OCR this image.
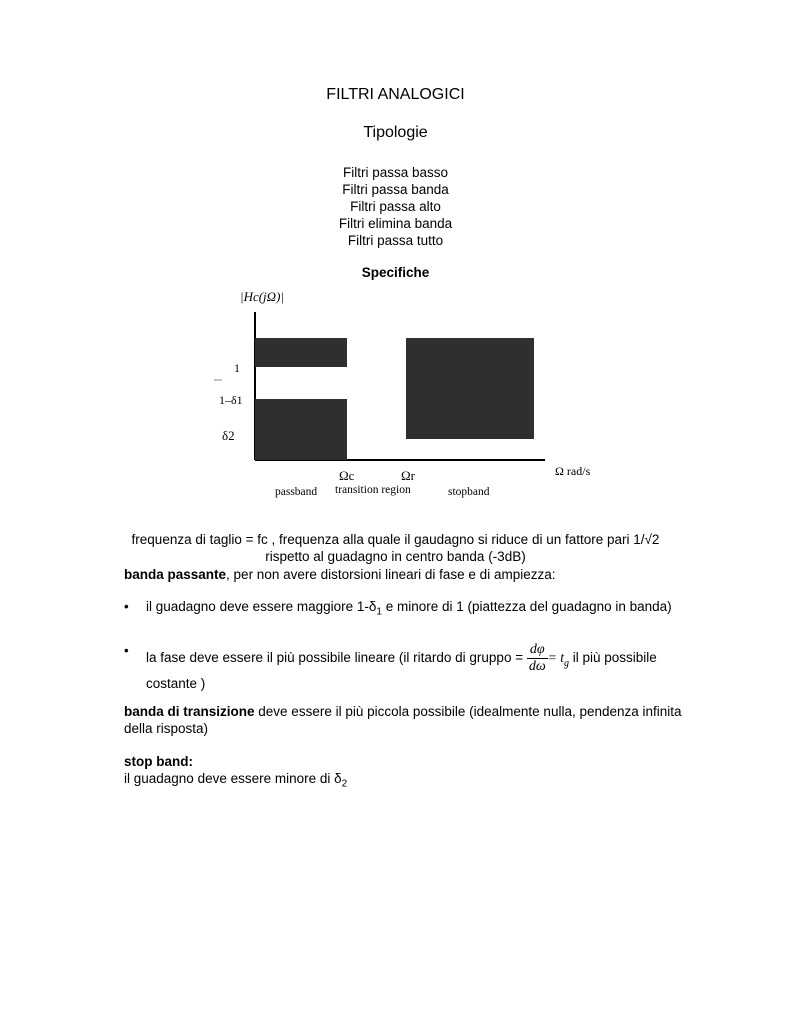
FILTRI ANALOGICI
Tipologie
Filtri passa basso
Filtri passa banda
Filtri passa alto
Filtri elimina banda
Filtri passa tutto
Specifiche
|Hc(jΩ)|
1
1–δ1
δ2
Ωc	Ωr	Ω rad/s
passband transition region	stopband
frequenza di taglio = fc , frequenza alla quale il gaudagno si riduce di un fattore pari 1/√2
rispetto al guadagno in centro banda (-3dB)
banda passante, per non avere distorsioni lineari di fase e di ampiezza:
• il guadagno deve essere maggiore $1-\delta_1$ e minore di 1 (piattezza del guadagno in banda)
• la fase deve essere il più possibile lineare (il ritardo di gruppo = $\frac{d\varphi}{d\omega} = t_g$ il più possibile costante )
banda di transizione deve essere il più piccola possibile (idealmente nulla, pendenza infinita della risposta)
stop band:
il guadagno deve essere minore di $\delta_2$
